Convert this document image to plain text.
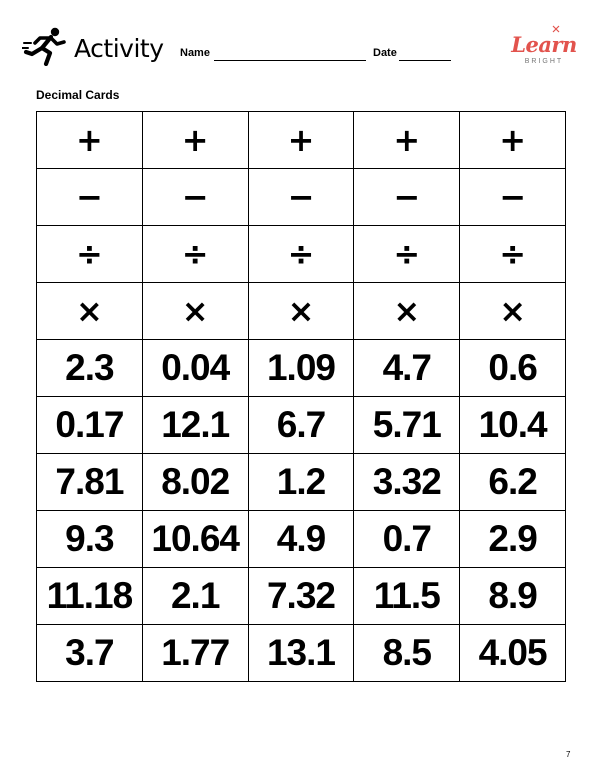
Activity Name	Date	Learn
BRIGHT
Decimal Cards
+	+	+	+	+
−	−	−	−	−
÷	÷	÷	÷	÷
×	×	×	×	×
2.3	0.04	1.09	4.7	0.6
0.17	12.1	6.7	5.71	10.4
7.81	8.02	1.2	3.32	6.2
9.3	10.64	4.9	0.7	2.9
11.18	2.1	7.32	11.5	8.9
3.7	1.77	13.1	8.5	4.05
7
